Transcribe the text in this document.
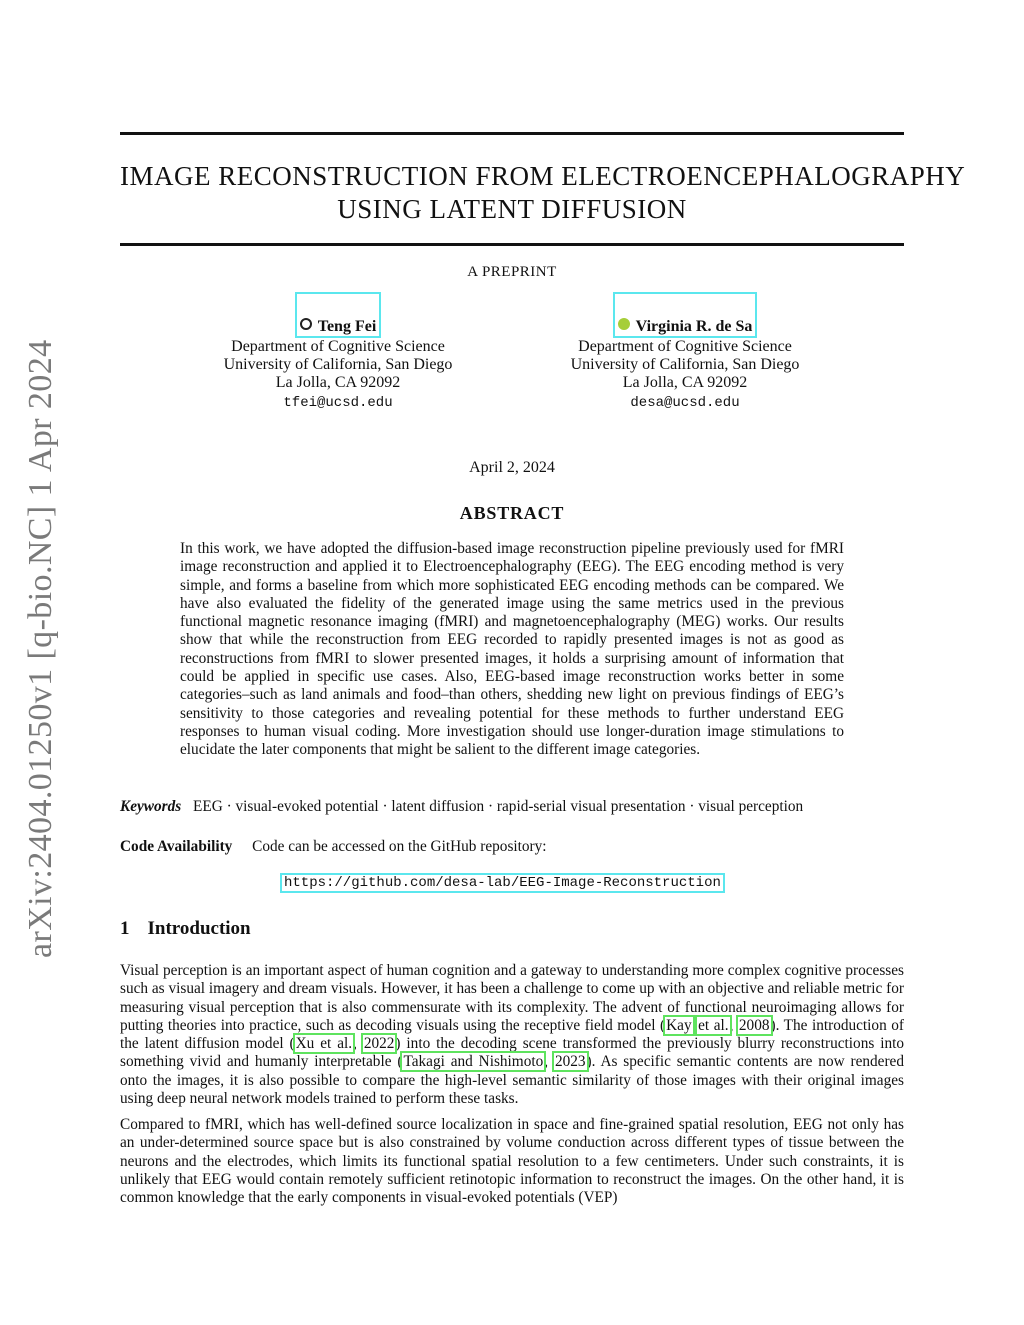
arXiv:2404.01250v1 [q-bio.NC] 1 Apr 2024
IMAGE RECONSTRUCTION FROM ELECTROENCEPHALOGRAPHY
USING LATENT DIFFUSION
A PREPRINT
Teng Fei
Department of Cognitive Science
University of California, San Diego
La Jolla, CA 92092
tfei@ucsd.edu
Virginia R. de Sa
Department of Cognitive Science
University of California, San Diego
La Jolla, CA 92092
desa@ucsd.edu
April 2, 2024
ABSTRACT
In this work, we have adopted the diffusion-based image reconstruction pipeline previously used for fMRI image reconstruction and applied it to Electroencephalography (EEG). The EEG encoding method is very simple, and forms a baseline from which more sophisticated EEG encoding methods can be compared. We have also evaluated the fidelity of the generated image using the same metrics used in the previous functional magnetic resonance imaging (fMRI) and magnetoencephalography (MEG) works. Our results show that while the reconstruction from EEG recorded to rapidly presented images is not as good as reconstructions from fMRI to slower presented images, it holds a surprising amount of information that could be applied in specific use cases. Also, EEG-based image reconstruction works better in some categories–such as land animals and food–than others, shedding new light on previous findings of EEG’s sensitivity to those categories and revealing potential for these methods to further understand EEG responses to human visual coding. More investigation should use longer-duration image stimulations to elucidate the later components that might be salient to the different image categories.
Keywords EEG · visual-evoked potential · latent diffusion · rapid-serial visual presentation · visual perception
Code Availability Code can be accessed on the GitHub repository:
https://github.com/desa-lab/EEG-Image-Reconstruction
1 Introduction
Visual perception is an important aspect of human cognition and a gateway to understanding more complex cognitive processes such as visual imagery and dream visuals. However, it has been a challenge to come up with an objective and reliable metric for measuring visual perception that is also commensurate with its complexity. The advent of functional neuroimaging allows for putting theories into practice, such as decoding visuals using the receptive field model (Kay et al., 2008). The introduction of the latent diffusion model (Xu et al., 2022) into the decoding scene transformed the previously blurry reconstructions into something vivid and humanly interpretable (Takagi and Nishimoto, 2023). As specific semantic contents are now rendered onto the images, it is also possible to compare the high-level semantic similarity of those images with their original images using deep neural network models trained to perform these tasks.
Compared to fMRI, which has well-defined source localization in space and fine-grained spatial resolution, EEG not only has an under-determined source space but is also constrained by volume conduction across different types of tissue between the neurons and the electrodes, which limits its functional spatial resolution to a few centimeters. Under such constraints, it is unlikely that EEG would contain remotely sufficient retinotopic information to reconstruct the images. On the other hand, it is common knowledge that the early components in visual-evoked potentials (VEP)
